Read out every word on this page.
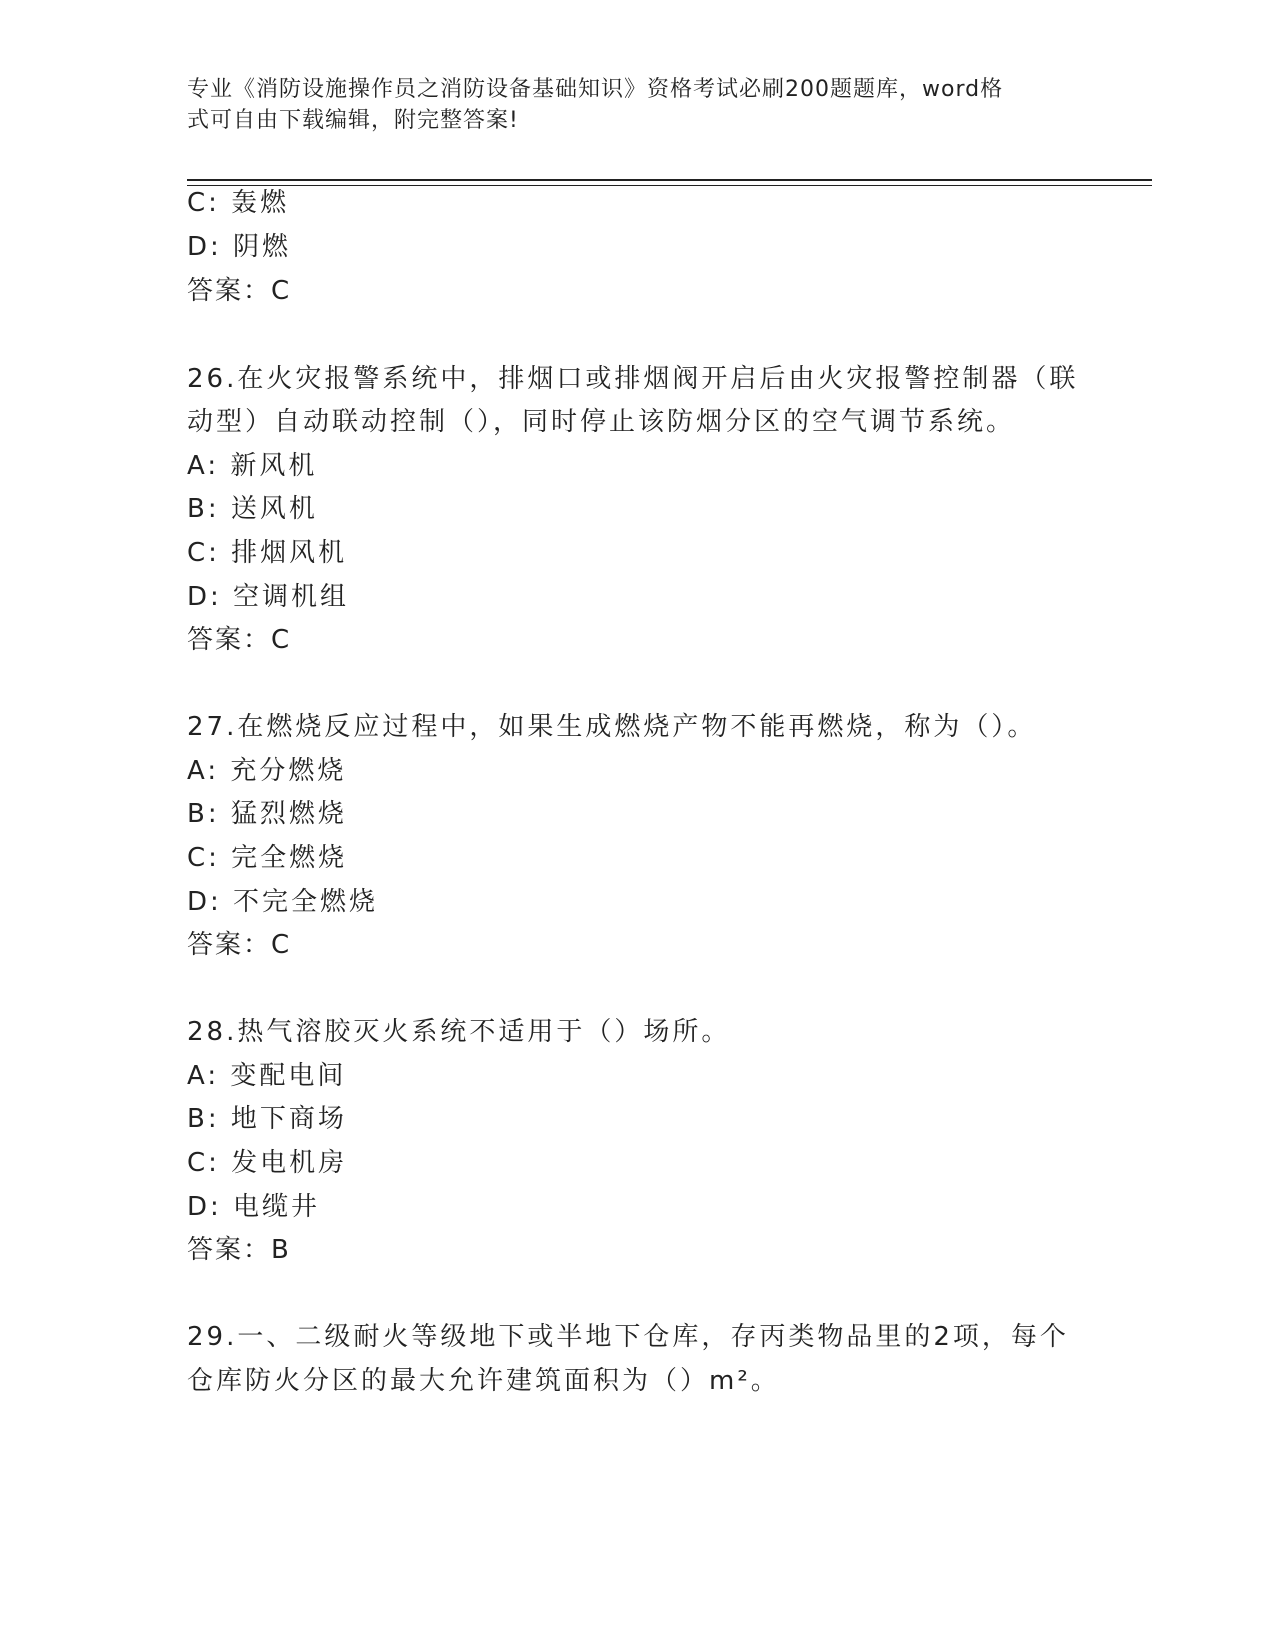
专业《消防设施操作员之消防设备基础知识》资格考试必刷200题题库，word格
式可自由下载编辑，附完整答案!
C: 轰燃
D: 阴燃
答案：C
26.在火灾报警系统中，排烟口或排烟阀开启后由火灾报警控制器（联
动型）自动联动控制（），同时停止该防烟分区的空气调节系统。
A: 新风机
B: 送风机
C: 排烟风机
D: 空调机组
答案：C
27.在燃烧反应过程中，如果生成燃烧产物不能再燃烧，称为（）。
A: 充分燃烧
B: 猛烈燃烧
C: 完全燃烧
D: 不完全燃烧
答案：C
28.热气溶胶灭火系统不适用于（）场所。
A: 变配电间
B: 地下商场
C: 发电机房
D: 电缆井
答案：B
29.一、二级耐火等级地下或半地下仓库，存丙类物品里的2项，每个
仓库防火分区的最大允许建筑面积为（）m²。
